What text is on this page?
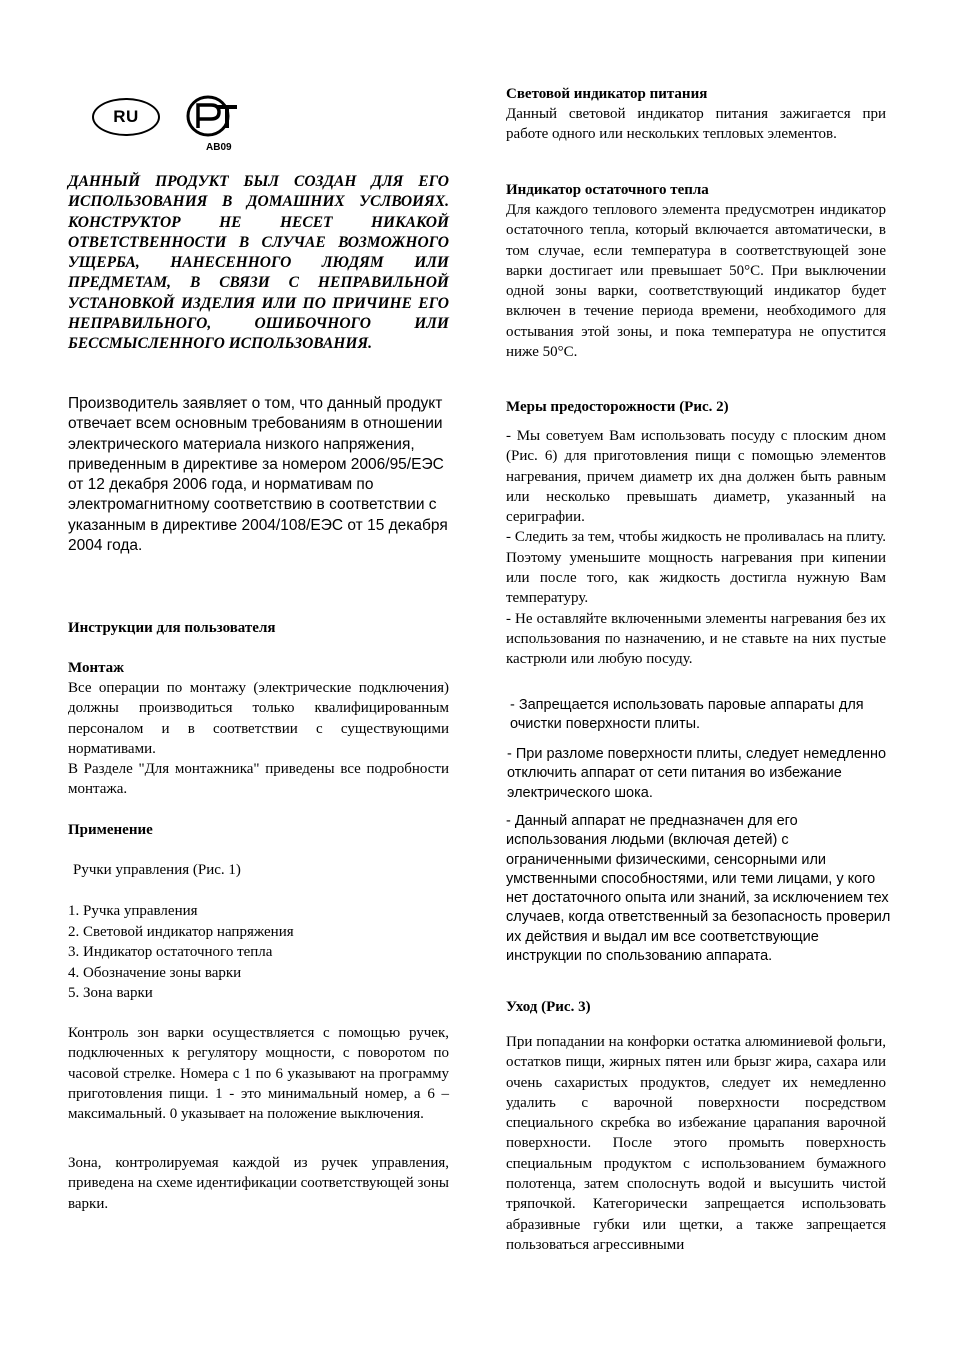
RU
АВ09
ДАННЫЙ ПРОДУКТ БЫЛ СОЗДАН ДЛЯ ЕГО ИСПОЛЬЗОВАНИЯ В ДОМАШНИХ УСЛВОИЯХ. КОНСТРУКТОР НЕ НЕСЕТ НИКАКОЙ ОТВЕТСТВЕННОСТИ В СЛУЧАЕ ВОЗМОЖНОГО УЩЕРБА, НАНЕСЕННОГО ЛЮДЯМ ИЛИ ПРЕДМЕТАМ, В СВЯЗИ С НЕПРАВИЛЬНОЙ УСТАНОВКОЙ ИЗДЕЛИЯ ИЛИ ПО ПРИЧИНЕ ЕГО НЕПРАВИЛЬНОГО, ОШИБОЧНОГО ИЛИ БЕССМЫСЛЕННОГО ИСПОЛЬЗОВАНИЯ.

Производитель заявляет о том, что данный продукт отвечает всем основным требованиям в отношении электрического материала низкого напряжения, приведенным в директиве за номером 2006/95/ЕЭС от 12 декабря 2006 года, и нормативам по электромагнитному соответствию в соответствии с указанным в директиве 2004/108/ЕЭС от 15 декабря 2004 года.

Инструкции для пользователя

Монтаж

Все операции по монтажу (электрические подключения) должны производиться только квалифицированным персоналом и в соответствии с существующими нормативами.

В Разделе "Для монтажника" приведены все подробности монтажа.

Применение

Ручки управления (Рис. 1)

1. Ручка управления
2. Световой индикатор напряжения
3. Индикатор остаточного тепла
4. Обозначение зоны варки
5. Зона варки

Контроль зон варки осуществляется с помощью ручек, подключенных к регулятору мощности, с поворотом по часовой стрелке. Номера с 1 по 6 указывают на программу приготовления пищи. 1 - это минимальный номер, а 6 – максимальный. 0 указывает на положение выключения.

Зона, контролируемая каждой из ручек управления, приведена на схеме идентификации соответствующей зоны варки.

Световой индикатор питания

Данный световой индикатор питания зажигается при работе одного или нескольких тепловых элементов.

Индикатор остаточного тепла

Для каждого теплового элемента предусмотрен индикатор остаточного тепла, который включается автоматически, в том случае, если температура в соответствующей зоне варки достигает или превышает 50°C. При выключении одной зоны варки, соответствующий индикатор будет включен в течение периода времени, необходимого для остывания этой зоны, и пока температура не опустится ниже 50°C.

Меры предосторожности (Рис. 2)

- Мы советуем Вам использовать посуду с плоским дном (Рис. 6) для приготовления пищи с помощью элементов нагревания, причем диаметр их дна должен быть равным или несколько превышать диаметр, указанный на сериграфии.

- Следить за тем, чтобы жидкость не проливалась на плиту. Поэтому уменьшите мощность нагревания при кипении или после того, как жидкость достигла нужную Вам температуру.

- Не оставляйте включенными элементы нагревания без их использования по назначению, и не ставьте на них пустые кастрюли или любую посуду.

- Запрещается использовать паровые аппараты для очистки поверхности плиты.

- При разломе поверхности плиты, следует немедленно отключить аппарат от сети питания во избежание электрического шока.

- Данный аппарат не предназначен для его использования людьми (включая детей) с ограниченными физическими, сенсорными или умственными способностями, или теми лицами, у кого нет достаточного опыта или знаний, за исключением тех случаев, когда ответственный за безопасность проверил их действия и выдал им все соответствующие инструкции по спользованию аппарата.

Уход (Рис. 3)

При попадании на конфорки остатка алюминиевой фольги, остатков пищи, жирных пятен или брызг жира, сахара или очень сахаристых продуктов, следует их немедленно удалить с варочной поверхности посредством специального скребка во избежание царапания варочной поверхности. После этого промыть поверхность специальным продуктом с использованием бумажного полотенца, затем сполоснуть водой и высушить чистой тряпочкой. Категорически запрещается использовать абразивные губки или щетки, а также запрещается пользоваться агрессивными
